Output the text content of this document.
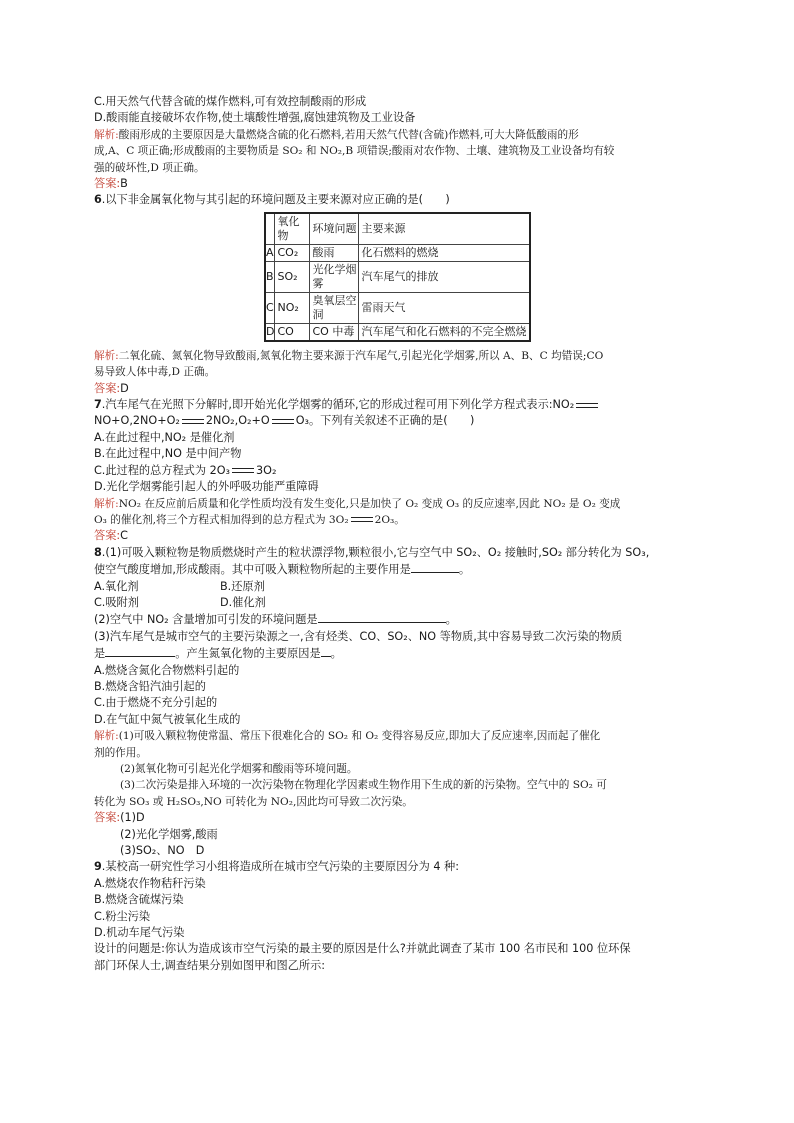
C.用天然气代替含硫的煤作燃料,可有效控制酸雨的形成
D.酸雨能直接破坏农作物,使土壤酸性增强,腐蚀建筑物及工业设备
解析:酸雨形成的主要原因是大量燃烧含硫的化石燃料,若用天然气代替(含硫)作燃料,可大大降低酸雨的形
成,A、C 项正确;形成酸雨的主要物质是 SO₂ 和 NO₂,B 项错误;酸雨对农作物、土壤、建筑物及工业设备均有较
强的破坏性,D 项正确。
答案:B
6.以下非金属氧化物与其引起的环境问题及主要来源对应正确的是(　　)
	氧化物	环境问题	主要来源
A	CO₂	酸雨	化石燃料的燃烧
B	SO₂	光化学烟雾	汽车尾气的排放
C	NO₂	臭氧层空洞	雷雨天气
D	CO	CO 中毒	汽车尾气和化石燃料的不完全燃烧
解析:二氧化硫、氮氧化物导致酸雨,氮氧化物主要来源于汽车尾气,引起光化学烟雾,所以 A、B、C 均错误;CO
易导致人体中毒,D 正确。
答案:D
7.汽车尾气在光照下分解时,即开始光化学烟雾的循环,它的形成过程可用下列化学方程式表示:NO₂
NO+O,2NO+O₂ 2NO₂,O₂+O O₃。下列有关叙述不正确的是(　　)
A.在此过程中,NO₂ 是催化剂
B.在此过程中,NO 是中间产物
C.此过程的总方程式为 2O₃ 3O₂
D.光化学烟雾能引起人的外呼吸功能严重障碍
解析:NO₂ 在反应前后质量和化学性质均没有发生变化,只是加快了 O₂ 变成 O₃ 的反应速率,因此 NO₂ 是 O₂ 变成
O₃ 的催化剂,将三个方程式相加得到的总方程式为 3O₂ 2O₃。
答案:C
8.(1)可吸入颗粒物是物质燃烧时产生的粒状漂浮物,颗粒很小,它与空气中 SO₂、O₂ 接触时,SO₂ 部分转化为 SO₃,
使空气酸度增加,形成酸雨。其中可吸入颗粒物所起的主要作用是	。
A.氧化剂	B.还原剂
C.吸附剂	D.催化剂
(2)空气中 NO₂ 含量增加可引发的环境问题是	。
(3)汽车尾气是城市空气的主要污染源之一,含有烃类、CO、SO₂、NO 等物质,其中容易导致二次污染的物质
是	。产生氮氧化物的主要原因是 。
A.燃烧含氮化合物燃料引起的
B.燃烧含铅汽油引起的
C.由于燃烧不充分引起的
D.在气缸中氮气被氧化生成的
解析:(1)可吸入颗粒物使常温、常压下很难化合的 SO₂ 和 O₂ 变得容易反应,即加大了反应速率,因而起了催化
剂的作用。
(2)氮氧化物可引起光化学烟雾和酸雨等环境问题。
(3)二次污染是排入环境的一次污染物在物理化学因素或生物作用下生成的新的污染物。空气中的 SO₂ 可
转化为 SO₃ 或 H₂SO₃,NO 可转化为 NO₂,因此均可导致二次污染。
答案:(1)D
(2)光化学烟雾,酸雨
(3)SO₂、NO　D
9.某校高一研究性学习小组将造成所在城市空气污染的主要原因分为 4 种:
A.燃烧农作物秸秆污染
B.燃烧含硫煤污染
C.粉尘污染
D.机动车尾气污染
设计的问题是:你认为造成该市空气污染的最主要的原因是什么?并就此调查了某市 100 名市民和 100 位环保
部门环保人士,调查结果分别如图甲和图乙所示:
